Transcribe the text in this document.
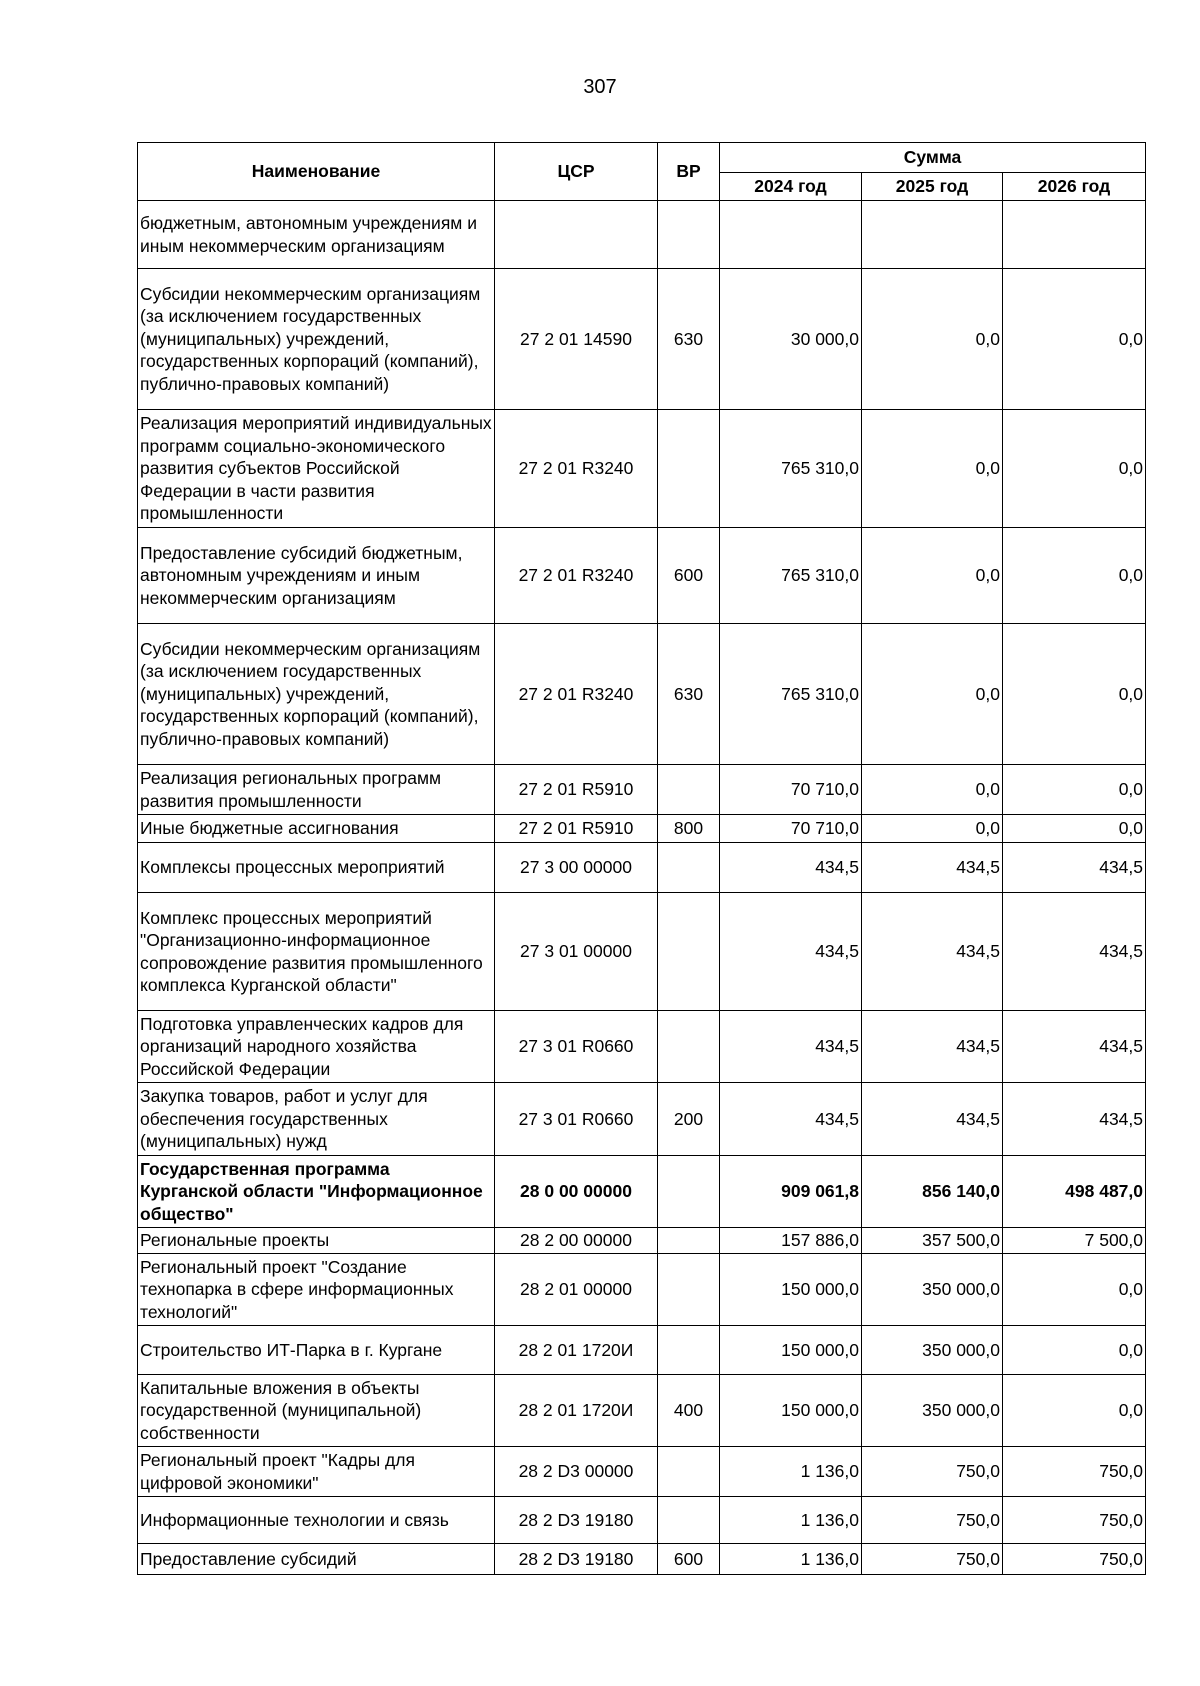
307
Наименование	ЦСР	ВР	Сумма		
			2024 год	2025 год	2026 год
бюджетным, автономным учреждениям и иным некоммерческим организациям					
Субсидии некоммерческим организациям (за исключением государственных (муниципальных) учреждений, государственных корпораций (компаний), публично-правовых компаний)	27 2 01 14590	630	30 000,0	0,0	0,0
Реализация мероприятий индивидуальных программ социально-экономического развития субъектов Российской Федерации в части развития промышленности	27 2 01 R3240		765 310,0	0,0	0,0
Предоставление субсидий бюджетным, автономным учреждениям и иным некоммерческим организациям	27 2 01 R3240	600	765 310,0	0,0	0,0
Субсидии некоммерческим организациям (за исключением государственных (муниципальных) учреждений, государственных корпораций (компаний), публично-правовых компаний)	27 2 01 R3240	630	765 310,0	0,0	0,0
Реализация региональных программ развития промышленности	27 2 01 R5910		70 710,0	0,0	0,0
Иные бюджетные ассигнования	27 2 01 R5910	800	70 710,0	0,0	0,0
Комплексы процессных мероприятий	27 3 00 00000		434,5	434,5	434,5
Комплекс процессных мероприятий "Организационно-информационное сопровождение развития промышленного комплекса Курганской области"	27 3 01 00000		434,5	434,5	434,5
Подготовка управленческих кадров для организаций народного хозяйства Российской Федерации	27 3 01 R0660		434,5	434,5	434,5
Закупка товаров, работ и услуг для обеспечения государственных (муниципальных) нужд	27 3 01 R0660	200	434,5	434,5	434,5
Государственная программа Курганской области "Информационное общество"	28 0 00 00000		909 061,8	856 140,0	498 487,0
Региональные проекты	28 2 00 00000		157 886,0	357 500,0	7 500,0
Региональный проект "Создание технопарка в сфере информационных технологий"	28 2 01 00000		150 000,0	350 000,0	0,0
Строительство ИТ-Парка в г. Кургане	28 2 01 1720И		150 000,0	350 000,0	0,0
Капитальные вложения в объекты государственной (муниципальной) собственности	28 2 01 1720И	400	150 000,0	350 000,0	0,0
Региональный проект "Кадры для цифровой экономики"	28 2 D3 00000		1 136,0	750,0	750,0
Информационные технологии и связь	28 2 D3 19180		1 136,0	750,0	750,0
Предоставление субсидий	28 2 D3 19180	600	1 136,0	750,0	750,0
